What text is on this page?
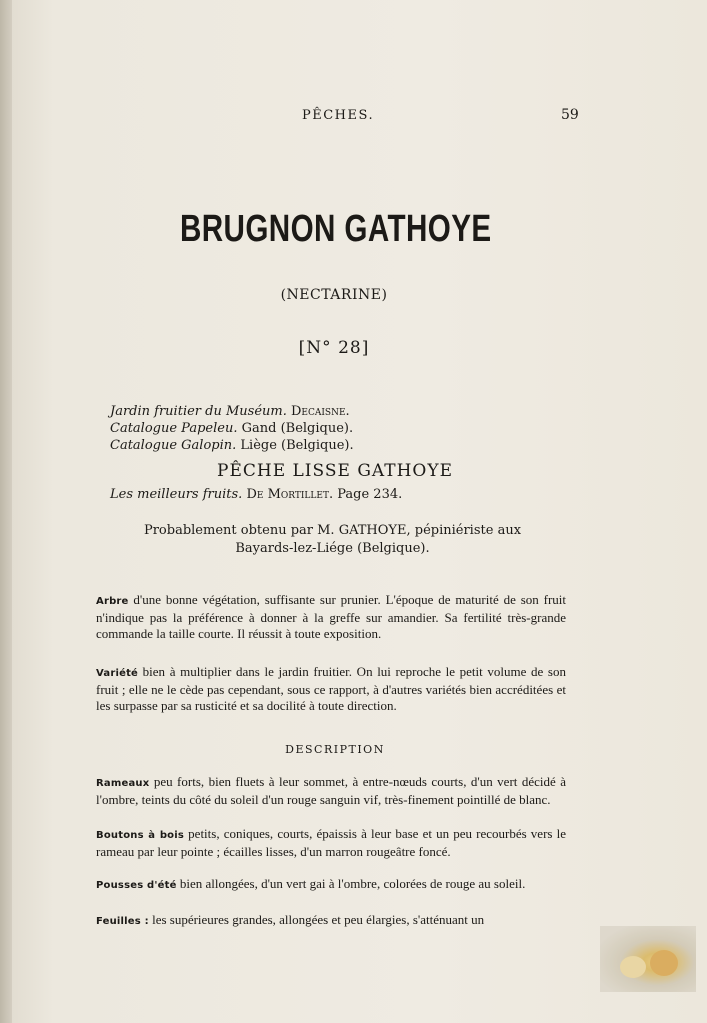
PÊCHES.	59
BRUGNON GATHOYE
(NECTARINE)
[N° 28]
Jardin fruitier du Muséum. Decaisne.
Catalogue Papeleu. Gand (Belgique).
Catalogue Galopin. Liège (Belgique).
PÊCHE LISSE GATHOYE
Les meilleurs fruits. De Mortillet. Page 234.
Probablement obtenu par M. GATHOYE, pépiniériste aux
Bayards-lez-Liége (Belgique).
Arbre d'une bonne végétation, suffisante sur prunier. L'époque de maturité de son fruit n'indique pas la préférence à donner à la greffe sur amandier. Sa fertilité très-grande commande la taille courte. Il réussit à toute exposition.
Variété bien à multiplier dans le jardin fruitier. On lui reproche le petit volume de son fruit ; elle ne le cède pas cependant, sous ce rapport, à d'autres variétés bien accréditées et les surpasse par sa rusticité et sa docilité à toute direction.
DESCRIPTION
Rameaux peu forts, bien fluets à leur sommet, à entre-nœuds courts, d'un vert décidé à l'ombre, teints du côté du soleil d'un rouge sanguin vif, très-finement pointillé de blanc.
Boutons à bois petits, coniques, courts, épaissis à leur base et un peu recourbés vers le rameau par leur pointe ; écailles lisses, d'un marron rougeâtre foncé.
Pousses d'été bien allongées, d'un vert gai à l'ombre, colorées de rouge au soleil.
Feuilles : les supérieures grandes, allongées et peu élargies, s'atténuant un
